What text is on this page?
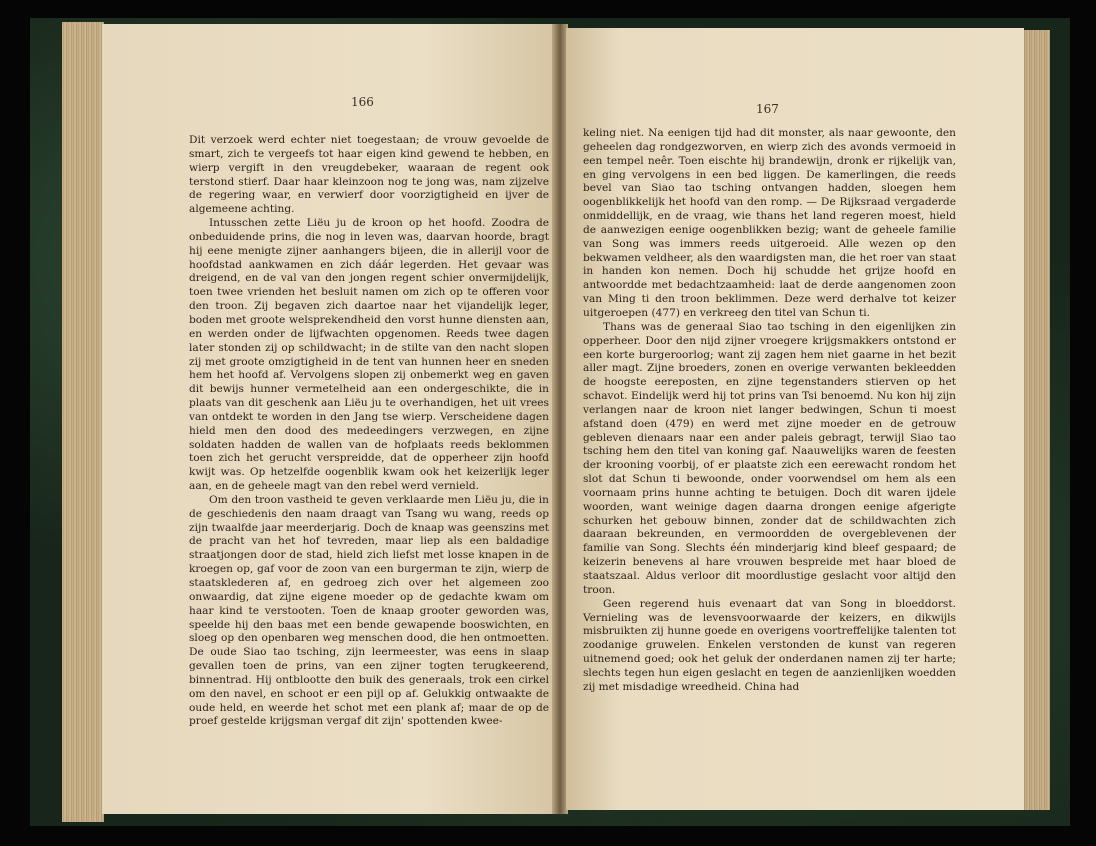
166

Dit verzoek werd echter niet toegestaan; de vrouw gevoelde de smart, zich te vergeefs tot haar eigen kind gewend te hebben, en wierp vergift in den vreugdebeker, waaraan de regent ook terstond stierf. Daar haar kleinzoon nog te jong was, nam zijzelve de regering waar, en verwierf door voorzigtigheid en ijver de algemeene achting.

Intusschen zette Liëu ju de kroon op het hoofd. Zoodra de onbeduidende prins, die nog in leven was, daarvan hoorde, bragt hij eene menigte zijner aanhangers bijeen, die in allerijl voor de hoofdstad aankwamen en zich dáár legerden. Het gevaar was dreigend, en de val van den jongen regent schier onvermijdelijk, toen twee vrienden het besluit namen om zich op te offeren voor den troon. Zij begaven zich daartoe naar het vijandelijk leger, boden met groote welsprekendheid den vorst hunne diensten aan, en werden onder de lijfwachten opgenomen. Reeds twee dagen later stonden zij op schildwacht; in de stilte van den nacht slopen zij met groote omzigtigheid in de tent van hunnen heer en sneden hem het hoofd af. Vervolgens slopen zij onbemerkt weg en gaven dit bewijs hunner vermetelheid aan een ondergeschikte, die in plaats van dit geschenk aan Liëu ju te overhandigen, het uit vrees van ontdekt te worden in den Jang tse wierp. Verscheidene dagen hield men den dood des medeedingers verzwegen, en zijne soldaten hadden de wallen van de hofplaats reeds beklommen toen zich het gerucht verspreidde, dat de opperheer zijn hoofd kwijt was. Op hetzelfde oogenblik kwam ook het keizerlijk leger aan, en de geheele magt van den rebel werd vernield.

Om den troon vastheid te geven verklaarde men Liëu ju, die in de geschiedenis den naam draagt van Tsang wu wang, reeds op zijn twaalfde jaar meerderjarig. Doch de knaap was geenszins met de pracht van het hof tevreden, maar liep als een baldadige straatjongen door de stad, hield zich liefst met losse knapen in de kroegen op, gaf voor de zoon van een burgerman te zijn, wierp de staatsklederen af, en gedroeg zich over het algemeen zoo onwaardig, dat zijne eigene moeder op de gedachte kwam om haar kind te verstooten. Toen de knaap grooter geworden was, speelde hij den baas met een bende gewapende booswichten, en sloeg op den openbaren weg menschen dood, die hen ontmoetten. De oude Siao tao tsching, zijn leermeester, was eens in slaap gevallen toen de prins, van een zijner togten terugkeerend, binnentrad. Hij ontblootte den buik des generaals, trok een cirkel om den navel, en schoot er een pijl op af. Gelukkig ontwaakte de oude held, en weerde het schot met een plank af; maar de op de proef gestelde krijgsman vergaf dit zijn' spottenden kwee-

167

keling niet. Na eenigen tijd had dit monster, als naar gewoonte, den geheelen dag rondgezworven, en wierp zich des avonds vermoeid in een tempel neêr. Toen eischte hij brandewijn, dronk er rijkelijk van, en ging vervolgens in een bed liggen. De kamerlingen, die reeds bevel van Siao tao tsching ontvangen hadden, sloegen hem oogenblikkelijk het hoofd van den romp. — De Rijksraad vergaderde onmiddellijk, en de vraag, wie thans het land regeren moest, hield de aanwezigen eenige oogenblikken bezig; want de geheele familie van Song was immers reeds uitgeroeid. Alle wezen op den bekwamen veldheer, als den waardigsten man, die het roer van staat in handen kon nemen. Doch hij schudde het grijze hoofd en antwoordde met bedachtzaamheid: laat de derde aangenomen zoon van Ming ti den troon beklimmen. Deze werd derhalve tot keizer uitgeroepen (477) en verkreeg den titel van Schun ti.

Thans was de generaal Siao tao tsching in den eigenlijken zin opperheer. Door den nijd zijner vroegere krijgsmakkers ontstond er een korte burgeroorlog; want zij zagen hem niet gaarne in het bezit aller magt. Zijne broeders, zonen en overige verwanten bekleedden de hoogste eereposten, en zijne tegenstanders stierven op het schavot. Eindelijk werd hij tot prins van Tsi benoemd. Nu kon hij zijn verlangen naar de kroon niet langer bedwingen, Schun ti moest afstand doen (479) en werd met zijne moeder en de getrouw gebleven dienaars naar een ander paleis gebragt, terwijl Siao tao tsching hem den titel van koning gaf. Naauwelijks waren de feesten der krooning voorbij, of er plaatste zich een eerewacht rondom het slot dat Schun ti bewoonde, onder voorwendsel om hem als een voornaam prins hunne achting te betuigen. Doch dit waren ijdele woorden, want weinige dagen daarna drongen eenige afgerigte schurken het gebouw binnen, zonder dat de schildwachten zich daaraan bekreunden, en vermoordden de overgeblevenen der familie van Song. Slechts één minderjarig kind bleef gespaard; de keizerin benevens al hare vrouwen bespreide met haar bloed de staatszaal. Aldus verloor dit moordlustige geslacht voor altijd den troon.

Geen regerend huis evenaart dat van Song in bloeddorst. Vernieling was de levensvoorwaarde der keizers, en dikwijls misbruikten zij hunne goede en overigens voortreffelijke talenten tot zoodanige gruwelen. Enkelen verstonden de kunst van regeren uitnemend goed; ook het geluk der onderdanen namen zij ter harte; slechts tegen hun eigen geslacht en tegen de aanzienlijken woedden zij met misdadige wreedheid. China had
